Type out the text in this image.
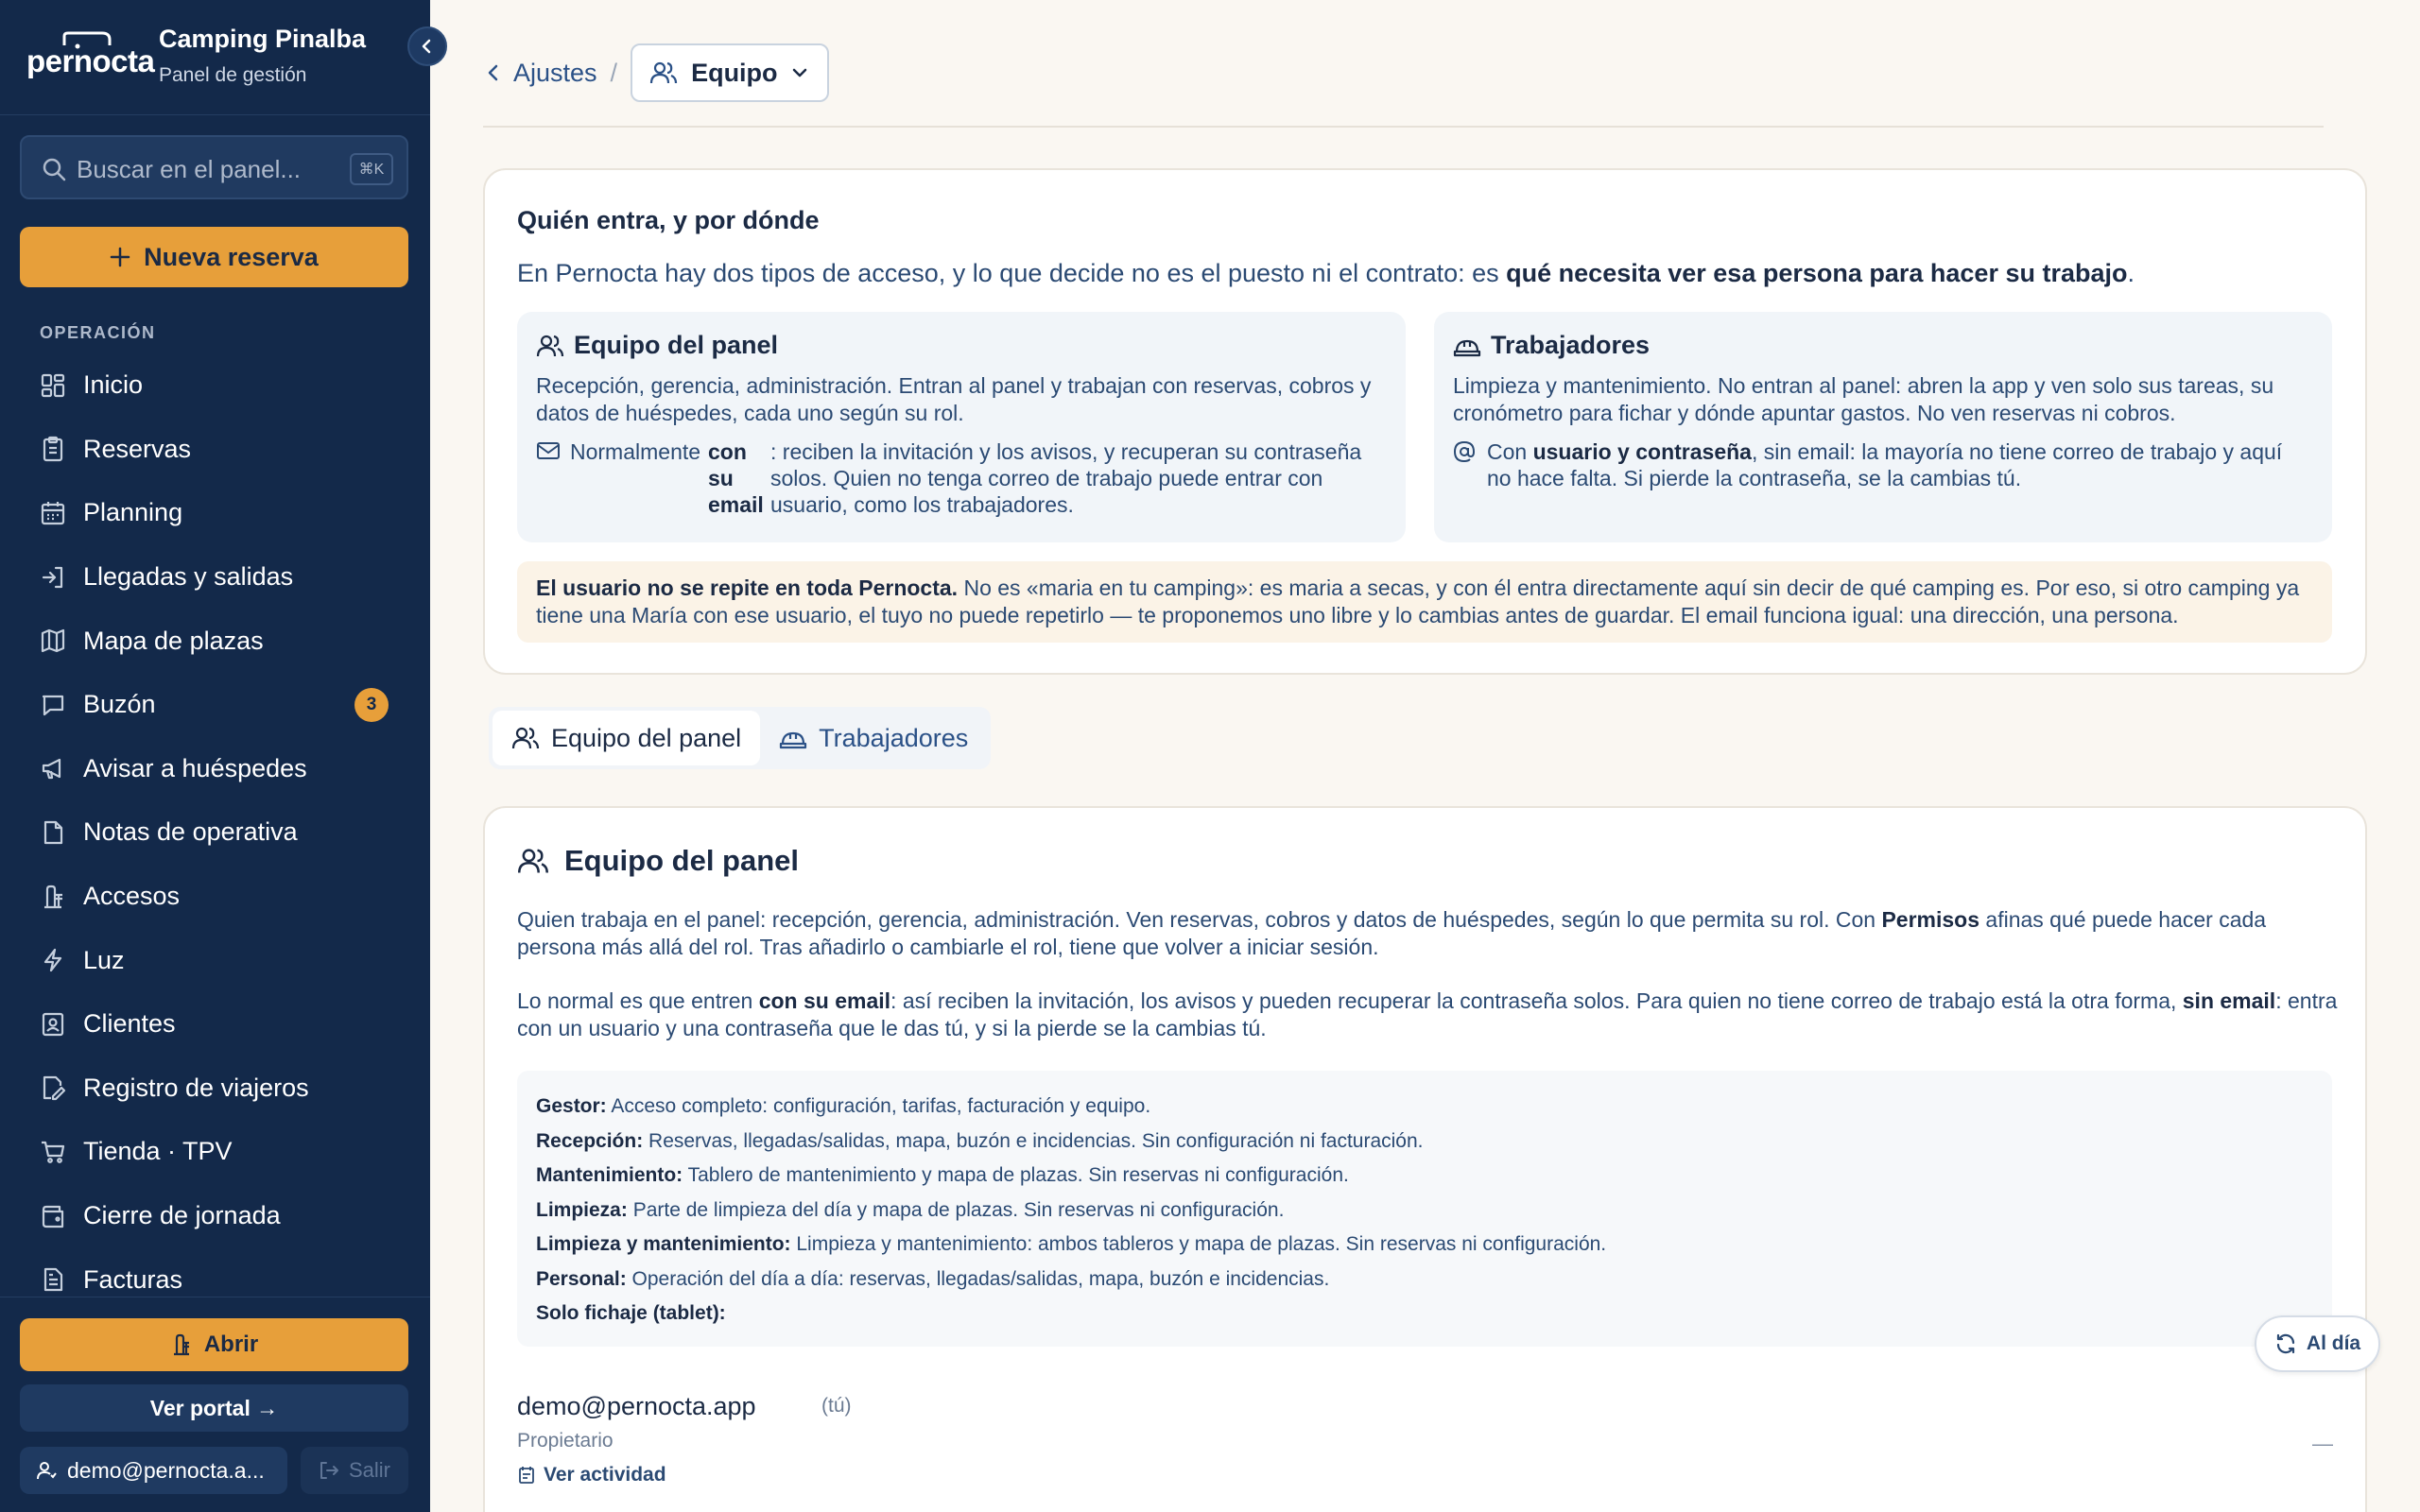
pernocta
Camping Pinalba
Panel de gestión
Buscar en el panel...	⌘K
Nueva reserva
OPERACIÓN
Inicio
Reservas
Planning
Llegadas y salidas
Mapa de plazas
Buzón	3
Avisar a huéspedes
Notas de operativa
Accesos
Luz
Clientes
Registro de viajeros
Tienda · TPV
Cierre de jornada
Facturas
Abrir
Ver portal →
demo@pernocta.a...	Salir
Ajustes /	Equipo
Quién entra, y por dónde
En Pernocta hay dos tipos de acceso, y lo que decide no es el puesto ni el contrato: es qué necesita ver esa persona para hacer su trabajo.
Equipo del panel
Recepción, gerencia, administración. Entran al panel y trabajan con reservas, cobros y datos de huéspedes, cada uno según su rol.
Normalmente con su email
: reciben la invitación y los avisos, y recuperan su contraseña solos. Quien no tenga correo de trabajo puede entrar con usuario, como los trabajadores.
Trabajadores
Limpieza y mantenimiento. No entran al panel: abren la app y ven solo sus tareas, su cronómetro para fichar y dónde apuntar gastos. No ven reservas ni cobros.
Con usuario y contraseña, sin email: la mayoría no tiene correo de trabajo y aquí no hace falta. Si pierde la contraseña, se la cambias tú.
El usuario no se repite en toda Pernocta. No es «maria en tu camping»: es maria a secas, y con él entra directamente aquí sin decir de qué camping es. Por eso, si otro camping ya tiene una María con ese usuario, el tuyo no puede repetirlo — te proponemos uno libre y lo cambias antes de guardar. El email funciona igual: una dirección, una persona.
Equipo del panel	Trabajadores
Equipo del panel
Quien trabaja en el panel: recepción, gerencia, administración. Ven reservas, cobros y datos de huéspedes, según lo que permita su rol. Con Permisos afinas qué puede hacer cada persona más allá del rol. Tras añadirlo o cambiarle el rol, tiene que volver a iniciar sesión.
Lo normal es que entren con su email: así reciben la invitación, los avisos y pueden recuperar la contraseña solos. Para quien no tiene correo de trabajo está la otra forma, sin email: entra con un usuario y una contraseña que le das tú, y si la pierde se la cambias tú.
Gestor: Acceso completo: configuración, tarifas, facturación y equipo.
Recepción: Reservas, llegadas/salidas, mapa, buzón e incidencias. Sin configuración ni facturación.
Mantenimiento: Tablero de mantenimiento y mapa de plazas. Sin reservas ni configuración.
Limpieza: Parte de limpieza del día y mapa de plazas. Sin reservas ni configuración.
Limpieza y mantenimiento: Limpieza y mantenimiento: ambos tableros y mapa de plazas. Sin reservas ni configuración.
Personal: Operación del día a día: reservas, llegadas/salidas, mapa, buzón e incidencias.
Solo fichaje (tablet):
demo@pernocta.app	(tú)
Propietario
Ver actividad
—
Al día
